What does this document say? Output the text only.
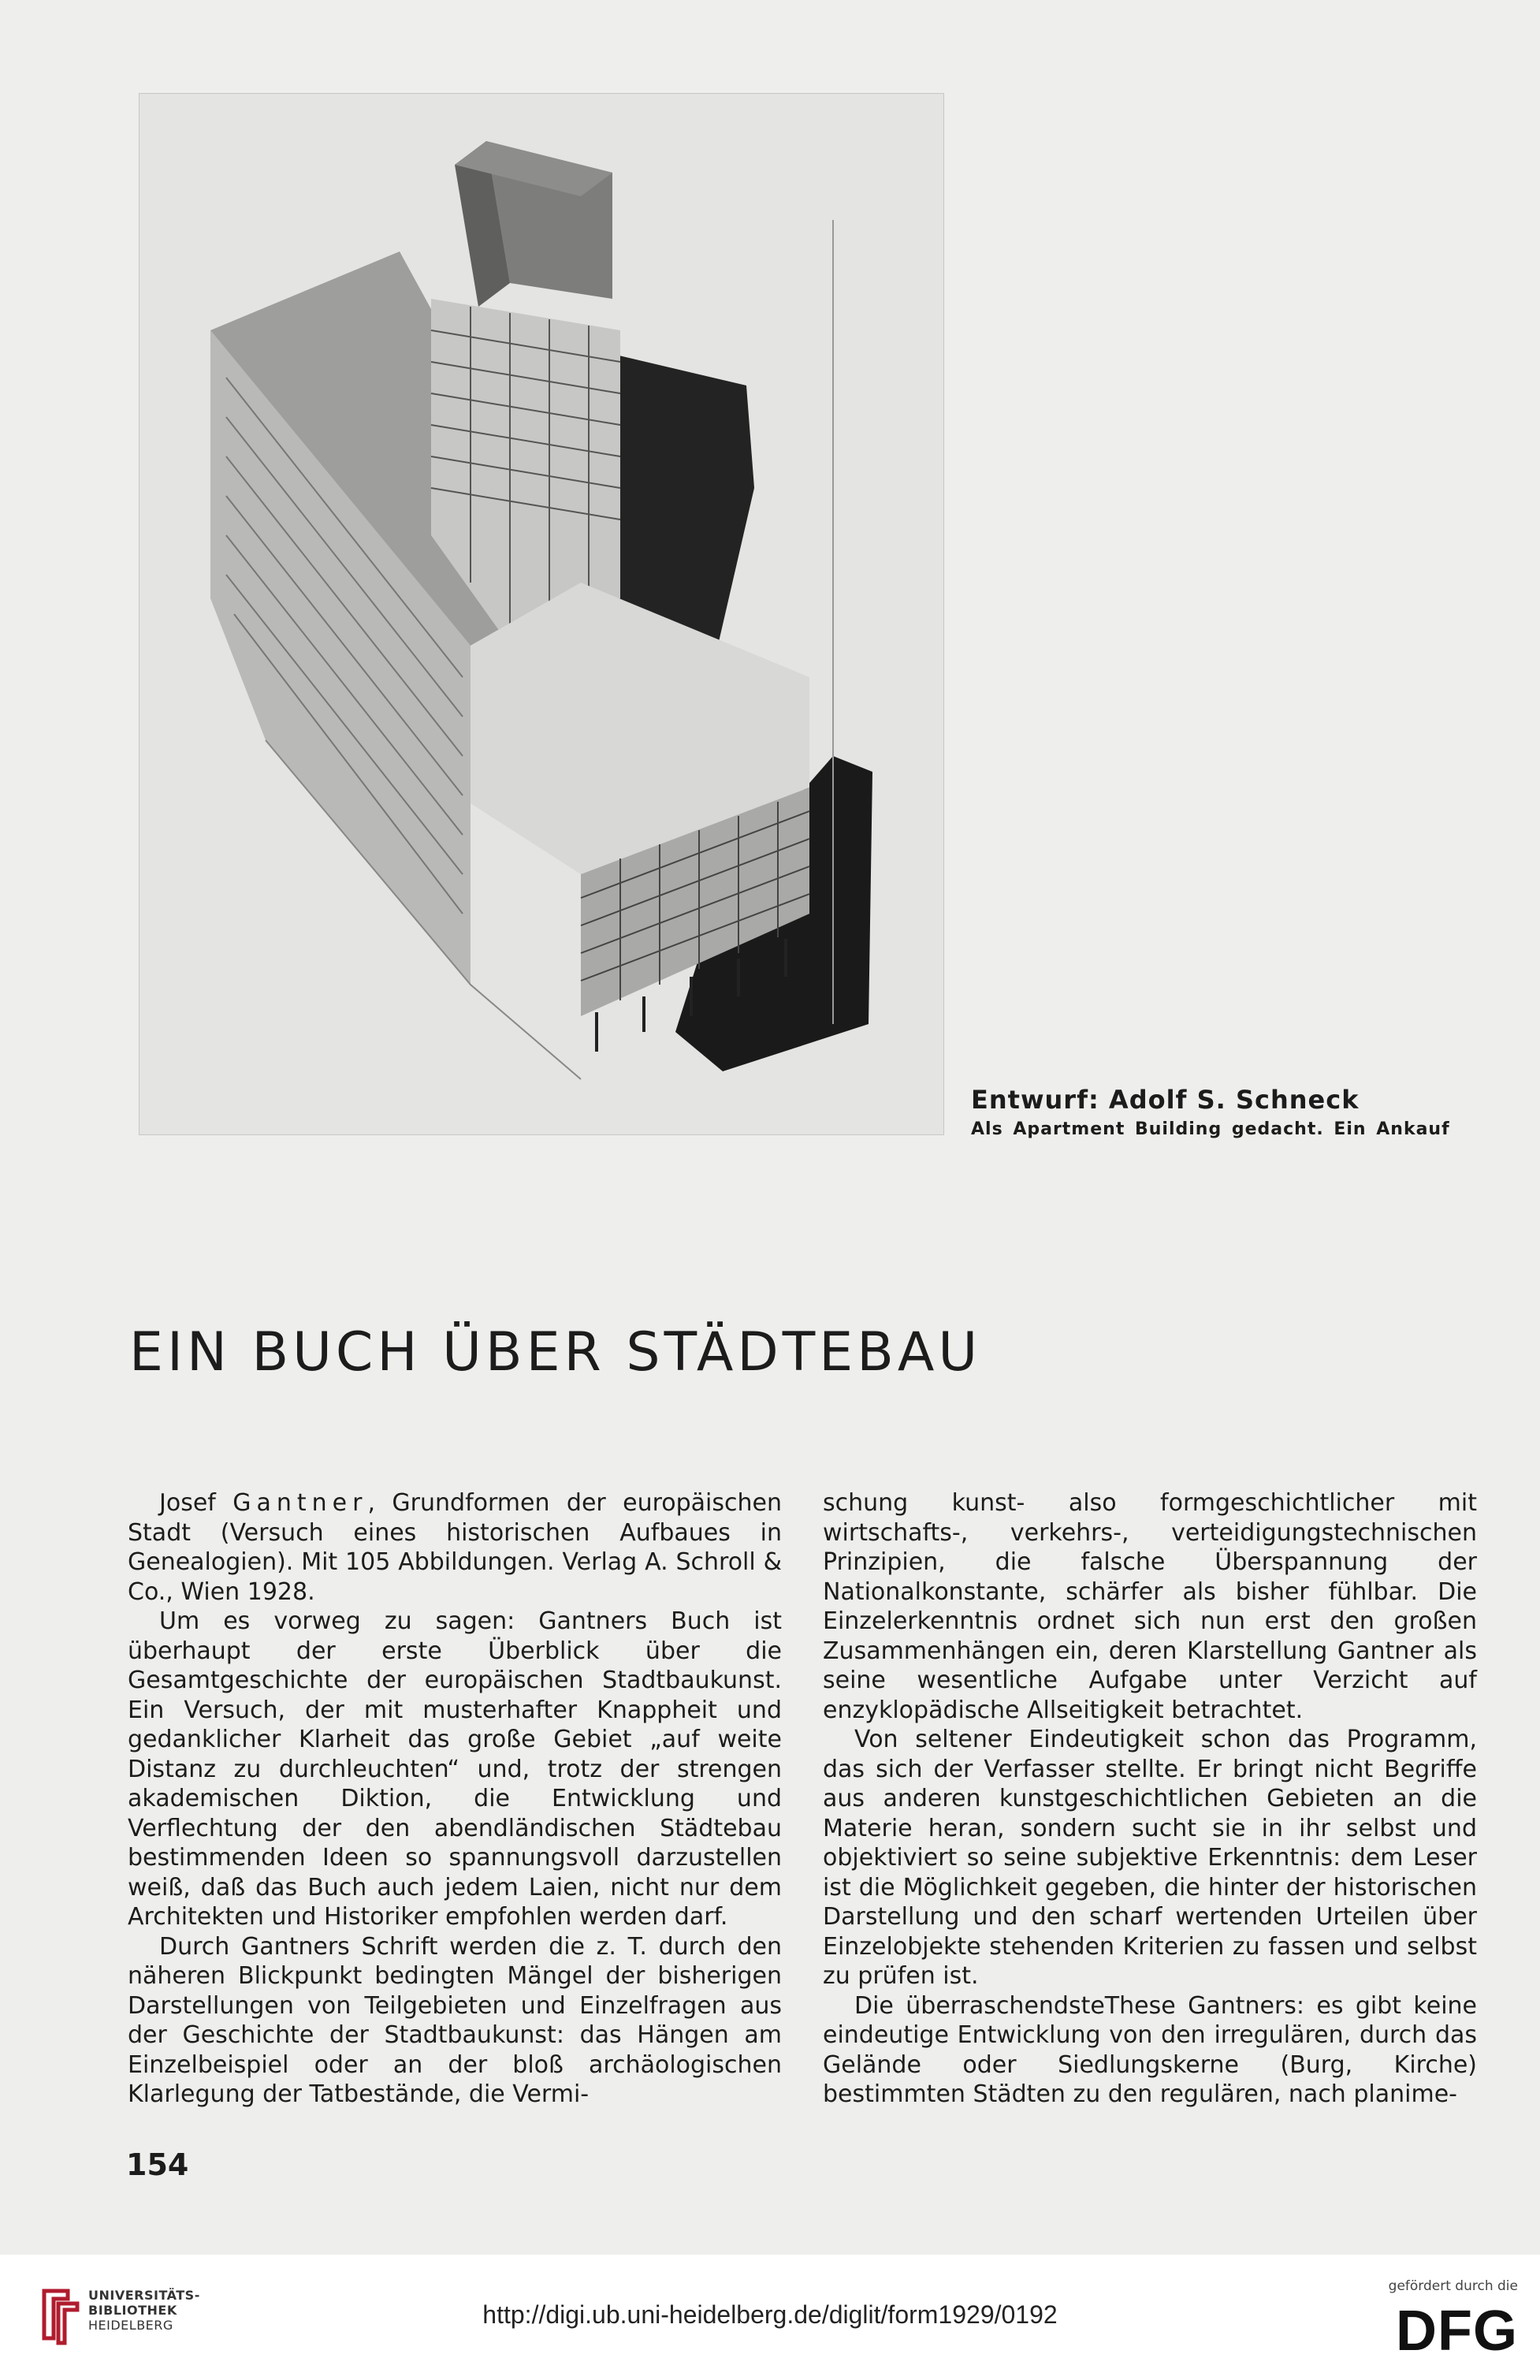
Entwurf: Adolf S. Schneck
Als Apartment Building gedacht. Ein Ankauf
EIN BUCH ÜBER STÄDTEBAU

Josef Gantner, Grundformen der europäischen Stadt (Versuch eines historischen Aufbaues in Genealogien). Mit 105 Abbildungen. Verlag A. Schroll & Co., Wien 1928.

Um es vorweg zu sagen: Gantners Buch ist überhaupt der erste Überblick über die Gesamtgeschichte der europäischen Stadtbaukunst. Ein Versuch, der mit musterhafter Knappheit und gedanklicher Klarheit das große Gebiet „auf weite Distanz zu durchleuchten“ und, trotz der strengen akademischen Diktion, die Entwicklung und Verflechtung der den abendländischen Städtebau bestimmenden Ideen so spannungsvoll darzustellen weiß, daß das Buch auch jedem Laien, nicht nur dem Architekten und Historiker empfohlen werden darf.

Durch Gantners Schrift werden die z. T. durch den näheren Blickpunkt bedingten Mängel der bisherigen Darstellungen von Teilgebieten und Einzelfragen aus der Geschichte der Stadtbaukunst: das Hängen am Einzelbeispiel oder an der bloß archäologischen Klarlegung der Tatbestände, die Vermi-

schung kunst- also formgeschichtlicher mit wirtschafts-, verkehrs-, verteidigungstechnischen Prinzipien, die falsche Überspannung der Nationalkonstante, schärfer als bisher fühlbar. Die Einzelerkenntnis ordnet sich nun erst den großen Zusammenhängen ein, deren Klarstellung Gantner als seine wesentliche Aufgabe unter Verzicht auf enzyklopädische Allseitigkeit betrachtet.

Von seltener Eindeutigkeit schon das Programm, das sich der Verfasser stellte. Er bringt nicht Begriffe aus anderen kunstgeschichtlichen Gebieten an die Materie heran, sondern sucht sie in ihr selbst und objektiviert so seine subjektive Erkenntnis: dem Leser ist die Möglichkeit gegeben, die hinter der historischen Darstellung und den scharf wertenden Urteilen über Einzelobjekte stehenden Kriterien zu fassen und selbst zu prüfen ist.

Die überraschendsteThese Gantners: es gibt keine eindeutige Entwicklung von den irregulären, durch das Gelände oder Siedlungskerne (Burg, Kirche) bestimmten Städten zu den regulären, nach planime-

154
UNIVERSITÄTS-
BIBLIOTHEK
HEIDELBERG	http://digi.ub.uni-heidelberg.de/diglit/form1929/0192
gefördert durch die
DFG
